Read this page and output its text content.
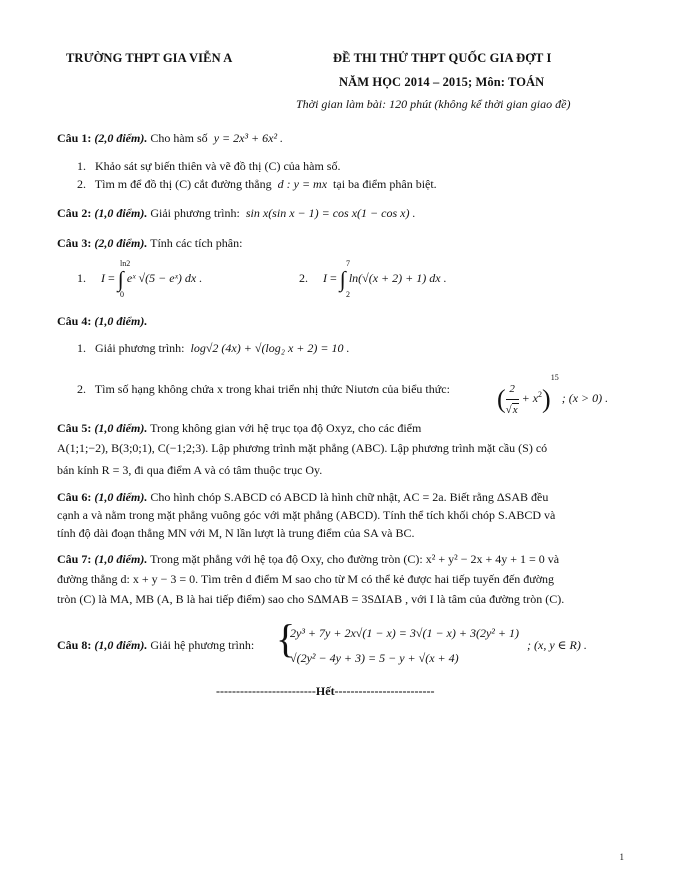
TRƯỜNG THPT GIA VIỄN A	ĐỀ THI THỬ THPT QUỐC GIA ĐỢT I
NĂM HỌC 2014 – 2015; Môn: TOÁN
Thời gian làm bài: 120 phút (không kể thời gian giao đề)
Câu 1: (2,0 điểm). Cho hàm số y = 2x³ + 6x² .
1.   Khảo sát sự biến thiên và vẽ đồ thị (C) của hàm số.
2.   Tìm m để đồ thị (C) cắt đường thẳng d : y = mx tại ba điểm phân biệt.
Câu 2: (1,0 điểm). Giải phương trình: sin x(sin x − 1) = cos x(1 − cos x) .
Câu 3: (2,0 điểm). Tính các tích phân:
1.     I = ∫ eˣ √(5 − eˣ) dx .
ln2
0
2.     I = ∫ ln(√(x + 2) + 1) dx .
7
2
Câu 4: (1,0 điểm).
1.   Giải phương trình: log√2 (4x) + √(log₂ x + 2) = 10 .
2.   Tìm số hạng không chứa x trong khai triển nhị thức Niutơn của biểu thức: ( $\frac{2}{√x} + x^2)^{15}$ ; (x > 0) .
Câu 5: (1,0 điểm). Trong không gian với hệ trục tọa độ Oxyz, cho các điểm
A(1;1;−2), B(3;0;1), C(−1;2;3). Lập phương trình mặt phẳng (ABC). Lập phương trình mặt cầu (S) có
bán kính R = 3, đi qua điểm A và có tâm thuộc trục Oy.
Câu 6: (1,0 điểm). Cho hình chóp S.ABCD có ABCD là hình chữ nhật, AC = 2a. Biết rằng ΔSAB đều
cạnh a và nằm trong mặt phẳng vuông góc với mặt phẳng (ABCD). Tính thể tích khối chóp S.ABCD và
tính độ dài đoạn thẳng MN với M, N lần lượt là trung điểm của SA và BC.
Câu 7: (1,0 điểm). Trong mặt phẳng với hệ tọa độ Oxy, cho đường tròn (C): x² + y² − 2x + 4y + 1 = 0 và
đường thẳng d: x + y − 3 = 0. Tìm trên d điểm M sao cho từ M có thể kẻ được hai tiếp tuyến đến đường
tròn (C) là MA, MB (A, B là hai tiếp điểm) sao cho S∆MAB = 3S∆IAB , với I là tâm của đường tròn (C).
Câu 8: (1,0 điểm). Giải hệ phương trình: {
2y³ + 7y + 2x√(1 − x) = 3√(1 − x) + 3(2y² + 1)
√(2y² − 4y + 3) = 5 − y + √(x + 4)
; (x, y ∈ R) .
-------------------------Hết-------------------------
1
